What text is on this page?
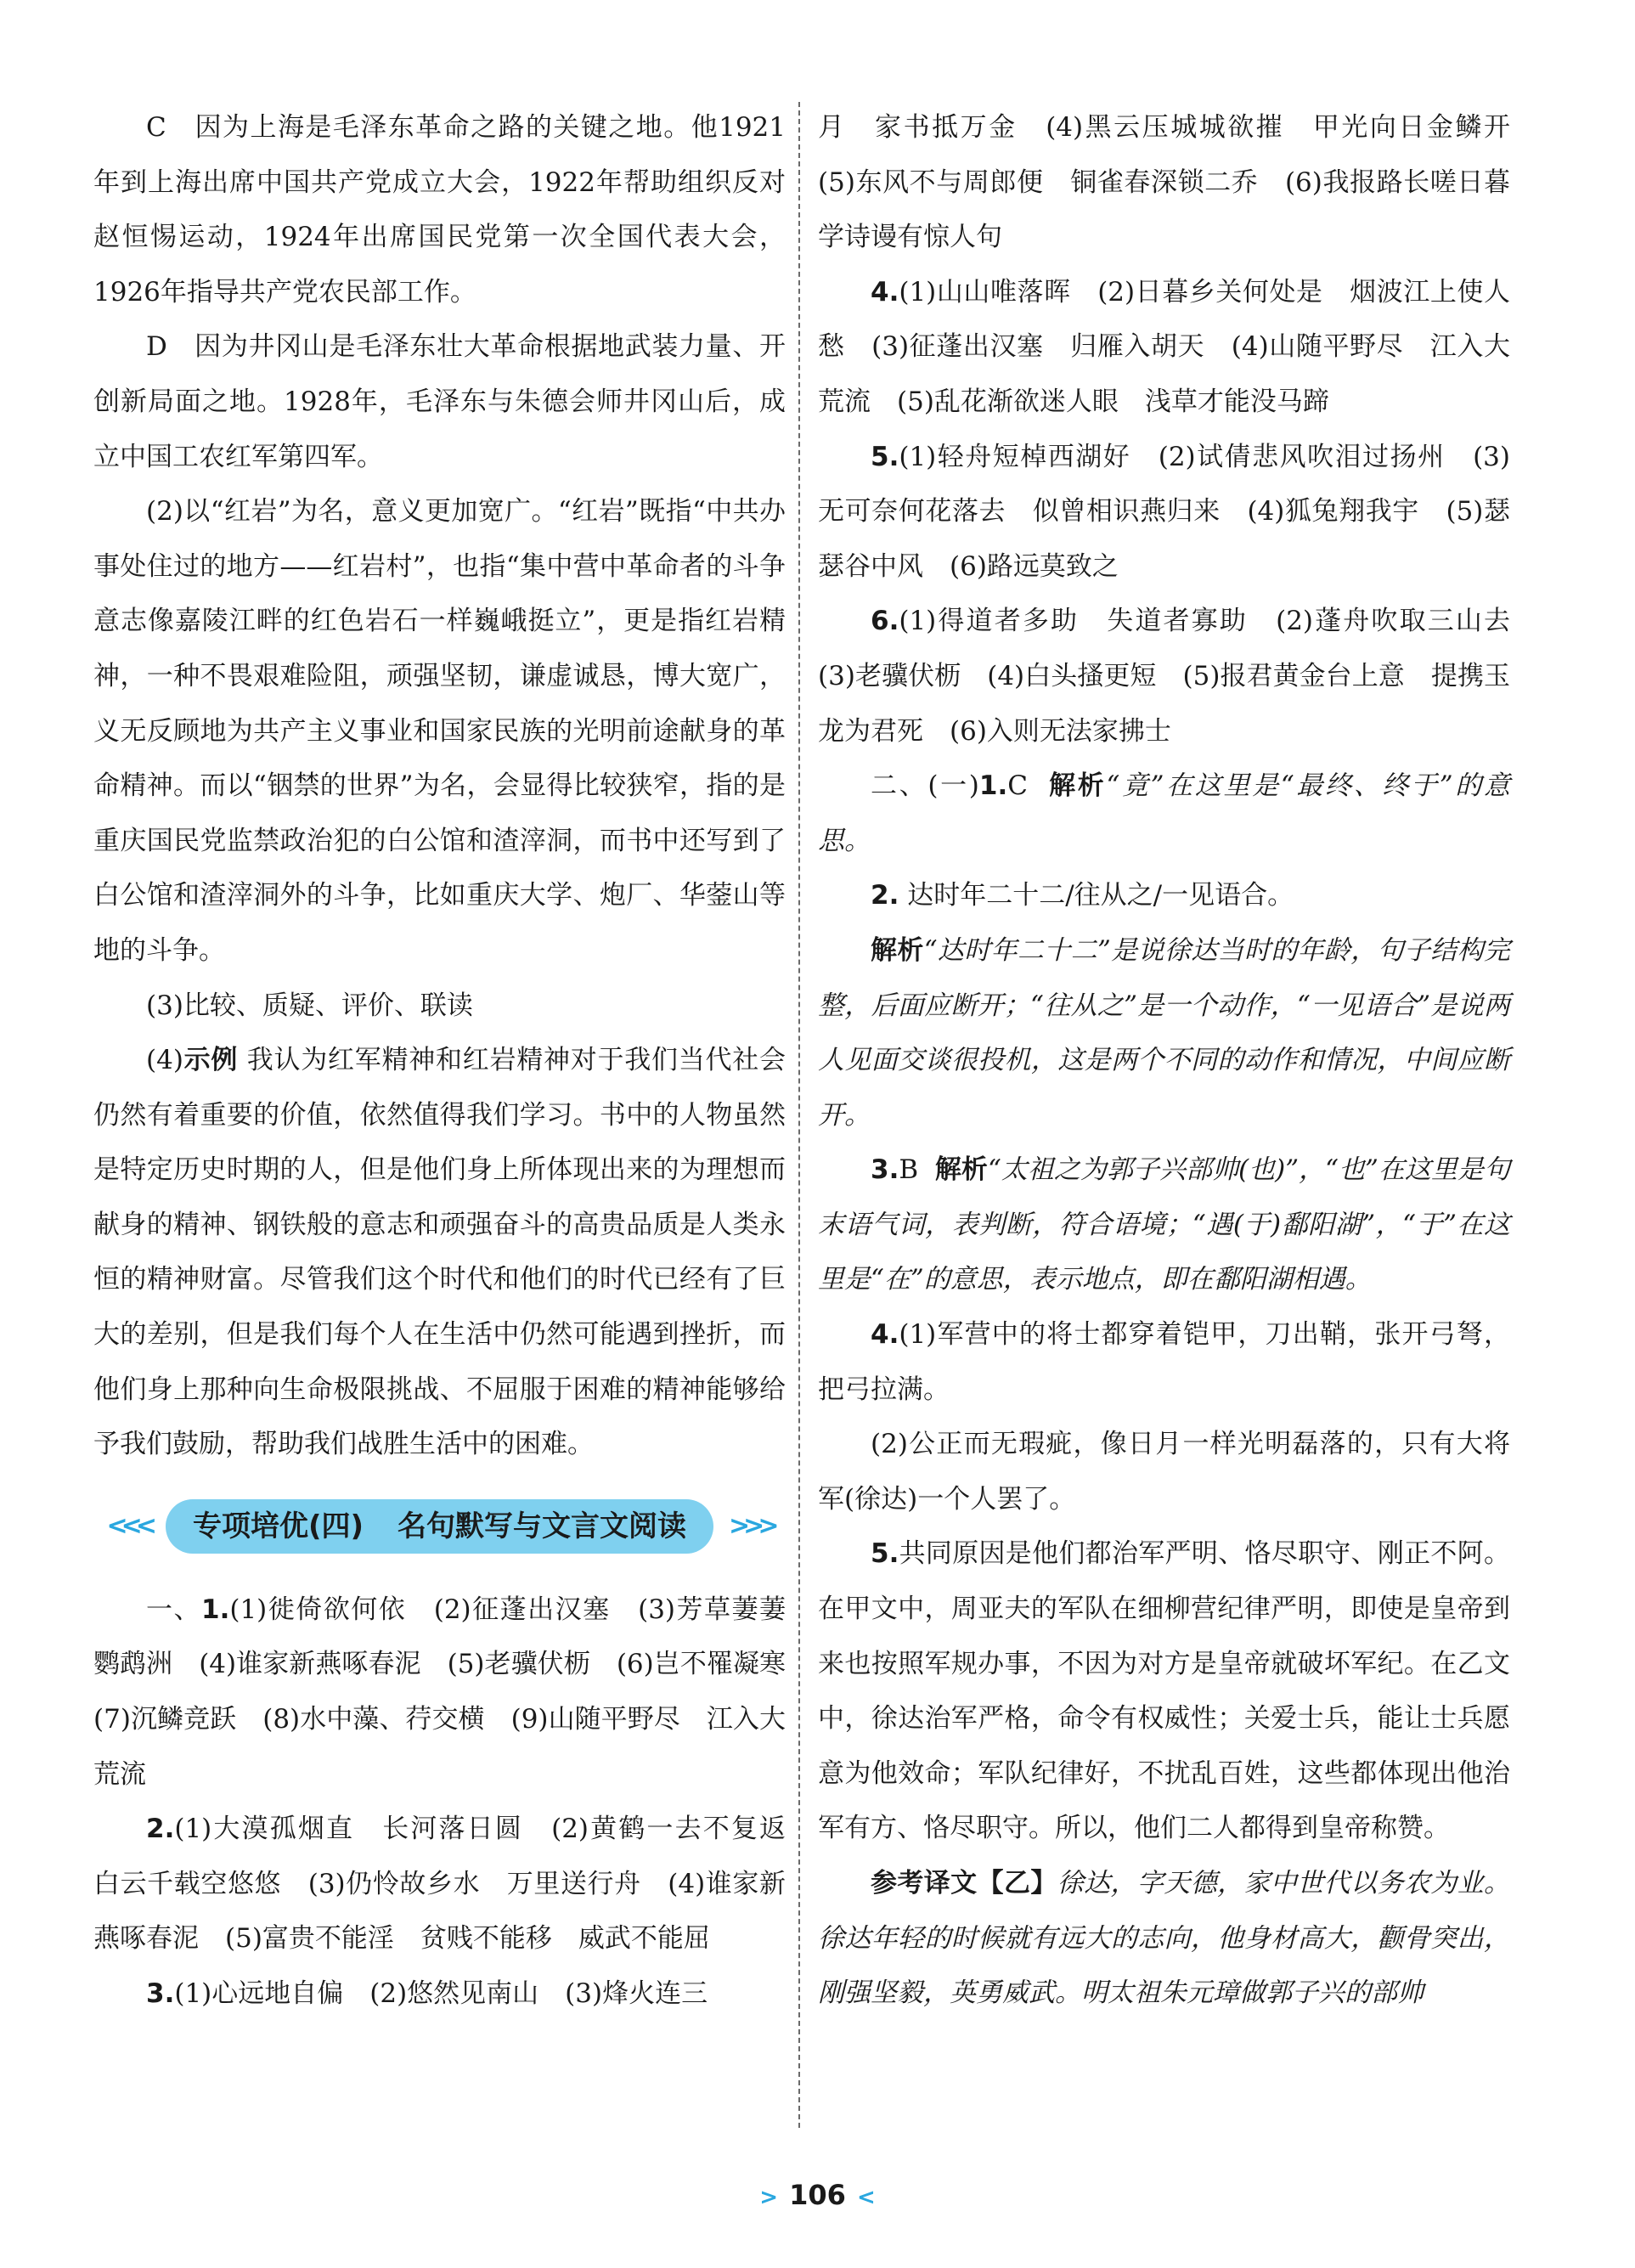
C　因为上海是毛泽东革命之路的关键之地。他1921年到上海出席中国共产党成立大会，1922年帮助组织反对赵恒惕运动，1924年出席国民党第一次全国代表大会，1926年指导共产党农民部工作。

D　因为井冈山是毛泽东壮大革命根据地武装力量、开创新局面之地。1928年，毛泽东与朱德会师井冈山后，成立中国工农红军第四军。

(2)以“红岩”为名，意义更加宽广。“红岩”既指“中共办事处住过的地方——红岩村”，也指“集中营中革命者的斗争意志像嘉陵江畔的红色岩石一样巍峨挺立”，更是指红岩精神，一种不畏艰难险阻，顽强坚韧，谦虚诚恳，博大宽广，义无反顾地为共产主义事业和国家民族的光明前途献身的革命精神。而以“铟禁的世界”为名，会显得比较狭窄，指的是重庆国民党监禁政治犯的白公馆和渣滓洞，而书中还写到了白公馆和渣滓洞外的斗争，比如重庆大学、炮厂、华蓥山等地的斗争。

(3)比较、质疑、评价、联读

(4)示例 我认为红军精神和红岩精神对于我们当代社会仍然有着重要的价值，依然值得我们学习。书中的人物虽然是特定历史时期的人，但是他们身上所体现出来的为理想而献身的精神、钢铁般的意志和顽强奋斗的高贵品质是人类永恒的精神财富。尽管我们这个时代和他们的时代已经有了巨大的差别，但是我们每个人在生活中仍然可能遇到挫折，而他们身上那种向生命极限挑战、不屈服于困难的精神能够给予我们鼓励，帮助我们战胜生活中的困难。

<<< 专项培优(四) 名句默写与文言文阅读 >>>

一、1.(1)徙倚欲何依　(2)征蓬出汉塞　(3)芳草萋萋鹦鹉洲　(4)谁家新燕啄春泥　(5)老骥伏枥　(6)岂不罹凝寒　(7)沉鳞竞跃　(8)水中藻、荇交横　(9)山随平野尽　江入大荒流

2.(1)大漠孤烟直　长河落日圆　(2)黄鹤一去不复返　白云千载空悠悠　(3)仍怜故乡水　万里送行舟　(4)谁家新燕啄春泥　(5)富贵不能淫　贫贱不能移　威武不能屈

3.(1)心远地自偏　(2)悠然见南山　(3)烽火连三

月　家书抵万金　(4)黑云压城城欲摧　甲光向日金鳞开　(5)东风不与周郎便　铜雀春深锁二乔　(6)我报路长嗟日暮　学诗谩有惊人句

4.(1)山山唯落晖　(2)日暮乡关何处是　烟波江上使人愁　(3)征蓬出汉塞　归雁入胡天　(4)山随平野尽　江入大荒流　(5)乱花渐欲迷人眼　浅草才能没马蹄

5.(1)轻舟短棹西湖好　(2)试倩悲风吹泪过扬州　(3)无可奈何花落去　似曾相识燕归来　(4)狐兔翔我宇　(5)瑟瑟谷中风　(6)路远莫致之

6.(1)得道者多助　失道者寡助　(2)蓬舟吹取三山去　(3)老骥伏枥　(4)白头搔更短　(5)报君黄金台上意　提携玉龙为君死　(6)入则无法家拂士

二、(一)1.C 解析“竟”在这里是“最终、终于”的意思。

2. 达时年二十二/往从之/一见语合。

解析“达时年二十二”是说徐达当时的年龄，句子结构完整，后面应断开；“往从之”是一个动作，“一见语合”是说两人见面交谈很投机，这是两个不同的动作和情况，中间应断开。

3.B 解析“太祖之为郭子兴部帅(也)”，“也”在这里是句末语气词，表判断，符合语境；“遇(于)鄱阳湖”，“于”在这里是“在”的意思，表示地点，即在鄱阳湖相遇。

4.(1)军营中的将士都穿着铠甲，刀出鞘，张开弓弩，把弓拉满。

(2)公正而无瑕疵，像日月一样光明磊落的，只有大将军(徐达)一个人罢了。

5.共同原因是他们都治军严明、恪尽职守、刚正不阿。在甲文中，周亚夫的军队在细柳营纪律严明，即使是皇帝到来也按照军规办事，不因为对方是皇帝就破坏军纪。在乙文中，徐达治军严格，命令有权威性；关爱士兵，能让士兵愿意为他效命；军队纪律好，不扰乱百姓，这些都体现出他治军有方、恪尽职守。所以，他们二人都得到皇帝称赞。

参考译文【乙】徐达，字天德，家中世代以务农为业。徐达年轻的时候就有远大的志向，他身材高大，颧骨突出，刚强坚毅，英勇威武。明太祖朱元璋做郭子兴的部帅

> 106 <
